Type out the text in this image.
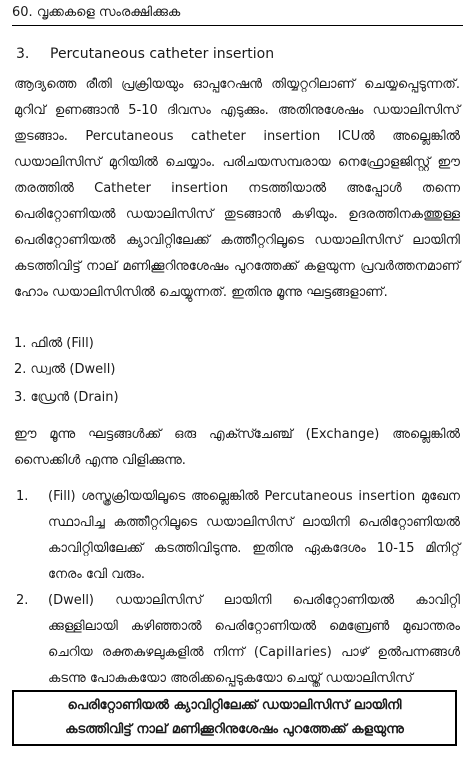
60. വൃക്കകളെ സംരക്ഷിക്കുക
3. Percutaneous catheter insertion
ആദ്യത്തെ രീതി പ്രക്രിയയും ഓപ്പറേഷൻ തിയ്യറ്ററിലാണ് ചെയ്യപ്പെടുന്നത്. മുറിവ് ഉണങ്ങാൻ 5-10 ദിവസം എടുക്കും. അതിനുശേഷം ഡയാലിസിസ് തുടങ്ങാം. Percutaneous catheter insertion ICUൽ അല്ലെങ്കിൽ ഡയാലിസിസ് മുറിയിൽ ചെയ്യാം. പരിചയസമ്പരായ നെഫ്രോളജിസ്റ്റ് ഈ തരത്തിൽ Catheter insertion നടത്തിയാൽ അപ്പോൾ തന്നെ പെരിറ്റോണിയൽ ഡയാലിസിസ് തുടങ്ങാൻ കഴിയും. ഉദരത്തിനകത്തുള്ള പെരിറ്റോണിയൽ ക്യാവിറ്റിലേക്ക് കത്തീറ്ററിലൂടെ ഡയാലിസിസ് ലായിനി കടത്തിവിട്ട് നാല് മണിക്കൂറിനുശേഷം പുറത്തേക്ക് കളയുന്ന പ്രവർത്തനമാണ് ഹോം ഡയാലിസിസിൽ ചെയ്യുന്നത്. ഇതിനു മൂന്നു ഘട്ടങ്ങളാണ്.
1. ഫിൽ (Fill)
2. ഡ്വൽ (Dwell)
3. ഡ്രേൻ (Drain)
ഈ മൂന്നു ഘട്ടങ്ങൾക്ക് ഒരു എക്സ്ചേഞ്ച് (Exchange) അല്ലെങ്കിൽ സൈക്കിൾ എന്നു വിളിക്കുന്നു.
1. (Fill) ശസ്ത്രക്രിയയിലൂടെ അല്ലെങ്കിൽ Percutaneous insertion മുഖേന സ്ഥാപിച്ച കത്തീറ്ററിലൂടെ ഡയാലിസിസ് ലായിനി പെരിറ്റോണിയൽ കാവിറ്റിയിലേക്ക് കടത്തിവിടുന്നു. ഇതിനു ഏകദേശം 10-15 മിനിറ്റ് നേരം വേി വരും.
2. (Dwell) ഡയാലിസിസ് ലായിനി പെരിറ്റോണിയൽ കാവിറ്റി ക്കുള്ളിലായി കഴിഞ്ഞാൽ പെരിറ്റോണിയൽ മെബ്രേൺ മുഖാന്തരം ചെറിയ രക്തകുഴലുകളിൽ നിന്ന് (Capillaries) പാഴ് ഉൽപന്നങ്ങൾ കടന്നു പോകുകയോ അരിക്കപ്പെടുകയോ ചെയ്ത് ഡയാലിസിസ്
പെരിറ്റോണിയൽ ക്യാവിറ്റിലേക്ക് ഡയാലിസിസ് ലായിനി
കടത്തിവിട്ട് നാല് മണിക്കൂറിനുശേഷം പുറത്തേക്ക് കളയുന്നു
